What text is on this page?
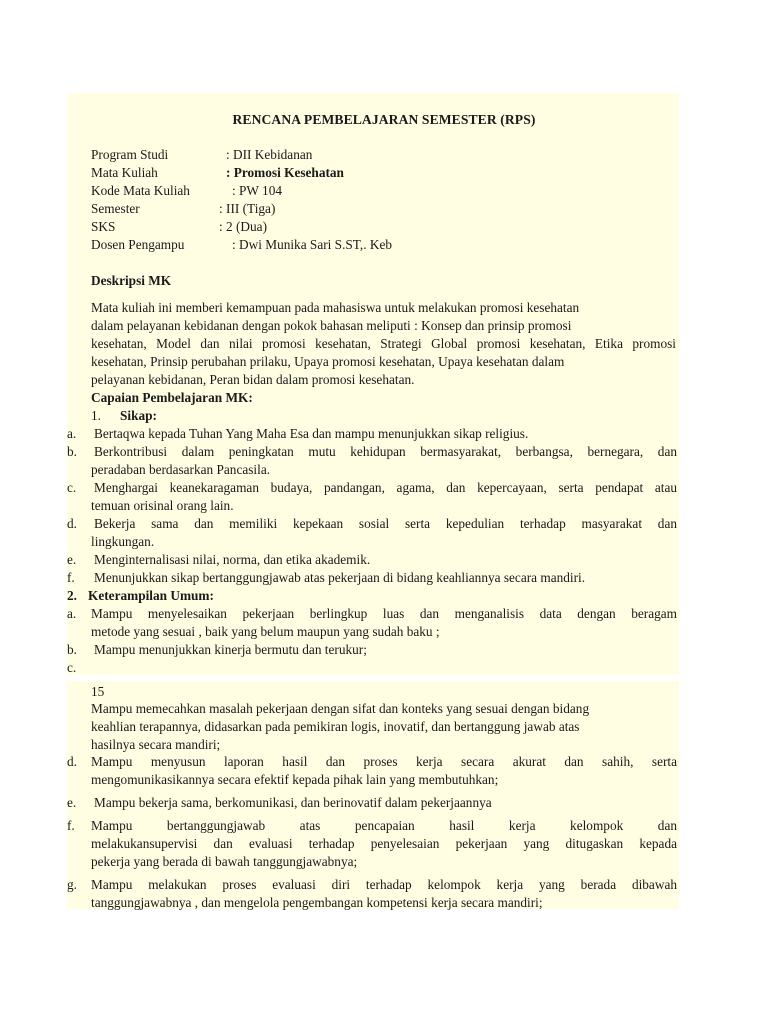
RENCANA PEMBELAJARAN SEMESTER (RPS)
Program Studi	: DII Kebidanan
Mata Kuliah	: Promosi Kesehatan
Kode Mata Kuliah	: PW 104
Semester	: III (Tiga)
SKS	: 2 (Dua)
Dosen Pengampu	: Dwi Munika Sari S.ST,. Keb
Deskripsi MK
Mata kuliah ini memberi kemampuan pada mahasiswa untuk melakukan promosi kesehatan
dalam pelayanan kebidanan dengan pokok bahasan meliputi : Konsep dan prinsip promosi
kesehatan, Model dan nilai promosi kesehatan, Strategi Global promosi kesehatan, Etika promosi
kesehatan, Prinsip perubahan prilaku, Upaya promosi kesehatan, Upaya kesehatan dalam
pelayanan kebidanan, Peran bidan dalam promosi kesehatan.
Capaian Pembelajaran MK:
1. Sikap:
a. Bertaqwa kepada Tuhan Yang Maha Esa dan mampu menunjukkan sikap religius.
b. Berkontribusi dalam peningkatan mutu kehidupan bermasyarakat, berbangsa, bernegara, dan
peradaban berdasarkan Pancasila.
c. Menghargai keanekaragaman budaya, pandangan, agama, dan kepercayaan, serta pendapat atau
temuan orisinal orang lain.
d. Bekerja sama dan memiliki kepekaan sosial serta kepedulian terhadap masyarakat dan
lingkungan.
e. Menginternalisasi nilai, norma, dan etika akademik.
f. Menunjukkan sikap bertanggungjawab atas pekerjaan di bidang keahliannya secara mandiri.
2. Keterampilan Umum:
a. Mampu menyelesaikan pekerjaan berlingkup luas dan menganalisis data dengan beragam
metode yang sesuai , baik yang belum maupun yang sudah baku ;
b. Mampu menunjukkan kinerja bermutu dan terukur;
c.
15
Mampu memecahkan masalah pekerjaan dengan sifat dan konteks yang sesuai dengan bidang
keahlian terapannya, didasarkan pada pemikiran logis, inovatif, dan bertanggung jawab atas
hasilnya secara mandiri;
d. Mampu menyusun laporan hasil dan proses kerja secara akurat dan sahih, serta
mengomunikasikannya secara efektif kepada pihak lain yang membutuhkan;
e. Mampu bekerja sama, berkomunikasi, dan berinovatif dalam pekerjaannya
f. Mampu bertanggungjawab atas pencapaian hasil kerja kelompok dan
melakukansupervisi dan evaluasi terhadap penyelesaian pekerjaan yang ditugaskan kepada
pekerja yang berada di bawah tanggungjawabnya;
g. Mampu melakukan proses evaluasi diri terhadap kelompok kerja yang berada dibawah
tanggungjawabnya , dan mengelola pengembangan kompetensi kerja secara mandiri;
